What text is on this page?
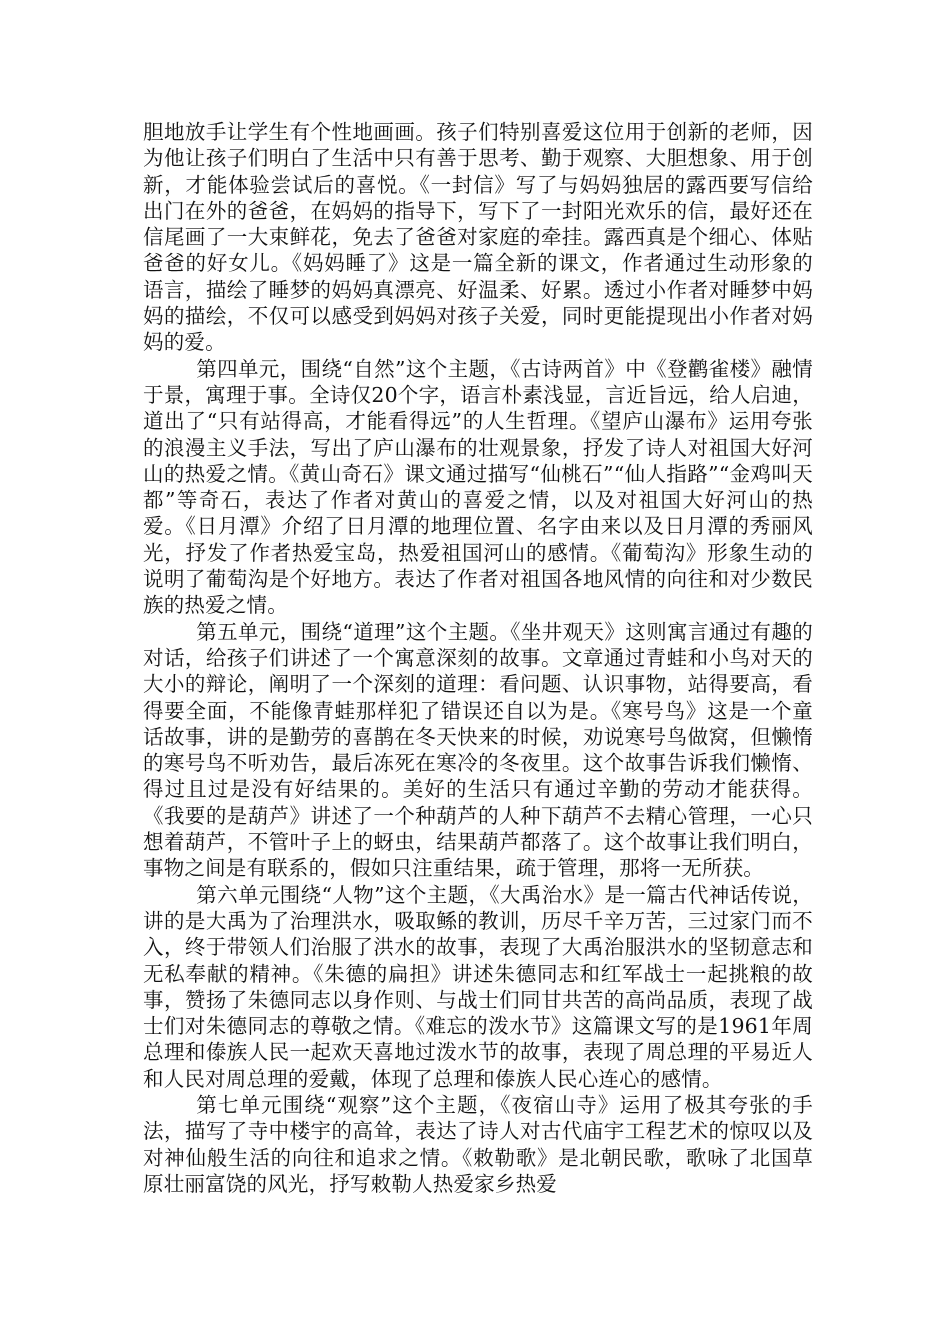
胆地放手让学生有个性地画画。孩子们特别喜爱这位用于创新的老师，因为他让孩子们明白了生活中只有善于思考、勤于观察、大胆想象、用于创新，才能体验尝试后的喜悦。《一封信》写了与妈妈独居的露西要写信给出门在外的爸爸，在妈妈的指导下，写下了一封阳光欢乐的信，最好还在信尾画了一大束鲜花，免去了爸爸对家庭的牵挂。露西真是个细心、体贴爸爸的好女儿。《妈妈睡了》这是一篇全新的课文，作者通过生动形象的语言，描绘了睡梦的妈妈真漂亮、好温柔、好累。透过小作者对睡梦中妈妈的描绘，不仅可以感受到妈妈对孩子关爱，同时更能提现出小作者对妈妈的爱。

第四单元，围绕“自然”这个主题，《古诗两首》中《登鹳雀楼》融情于景，寓理于事。全诗仅20个字，语言朴素浅显，言近旨远，给人启迪，道出了“只有站得高，才能看得远”的人生哲理。《望庐山瀑布》运用夸张的浪漫主义手法，写出了庐山瀑布的壮观景象，抒发了诗人对祖国大好河山的热爱之情。《黄山奇石》课文通过描写“仙桃石”“仙人指路”“金鸡叫天都”等奇石，表达了作者对黄山的喜爱之情，以及对祖国大好河山的热爱。《日月潭》介绍了日月潭的地理位置、名字由来以及日月潭的秀丽风光，抒发了作者热爱宝岛，热爱祖国河山的感情。《葡萄沟》形象生动的说明了葡萄沟是个好地方。表达了作者对祖国各地风情的向往和对少数民族的热爱之情。

第五单元，围绕“道理”这个主题。《坐井观天》这则寓言通过有趣的对话，给孩子们讲述了一个寓意深刻的故事。文章通过青蛙和小鸟对天的大小的辩论，阐明了一个深刻的道理：看问题、认识事物，站得要高，看得要全面，不能像青蛙那样犯了错误还自以为是。《寒号鸟》这是一个童话故事，讲的是勤劳的喜鹊在冬天快来的时候，劝说寒号鸟做窝，但懒惰的寒号鸟不听劝告，最后冻死在寒冷的冬夜里。这个故事告诉我们懒惰、得过且过是没有好结果的。美好的生活只有通过辛勤的劳动才能获得。《我要的是葫芦》讲述了一个种葫芦的人种下葫芦不去精心管理，一心只想着葫芦，不管叶子上的蚜虫，结果葫芦都落了。这个故事让我们明白，事物之间是有联系的，假如只注重结果，疏于管理，那将一无所获。

第六单元围绕“人物”这个主题，《大禹治水》是一篇古代神话传说，讲的是大禹为了治理洪水，吸取鲧的教训，历尽千辛万苦，三过家门而不入，终于带领人们治服了洪水的故事，表现了大禹治服洪水的坚韧意志和无私奉献的精神。《朱德的扁担》讲述朱德同志和红军战士一起挑粮的故事，赞扬了朱德同志以身作则、与战士们同甘共苦的高尚品质，表现了战士们对朱德同志的尊敬之情。《难忘的泼水节》这篇课文写的是1961年周总理和傣族人民一起欢天喜地过泼水节的故事，表现了周总理的平易近人和人民对周总理的爱戴，体现了总理和傣族人民心连心的感情。

第七单元围绕“观察”这个主题，《夜宿山寺》运用了极其夸张的手法，描写了寺中楼宇的高耸，表达了诗人对古代庙宇工程艺术的惊叹以及对神仙般生活的向往和追求之情。《敕勒歌》是北朝民歌，歌咏了北国草原壮丽富饶的风光，抒写敕勒人热爱家乡热爱
